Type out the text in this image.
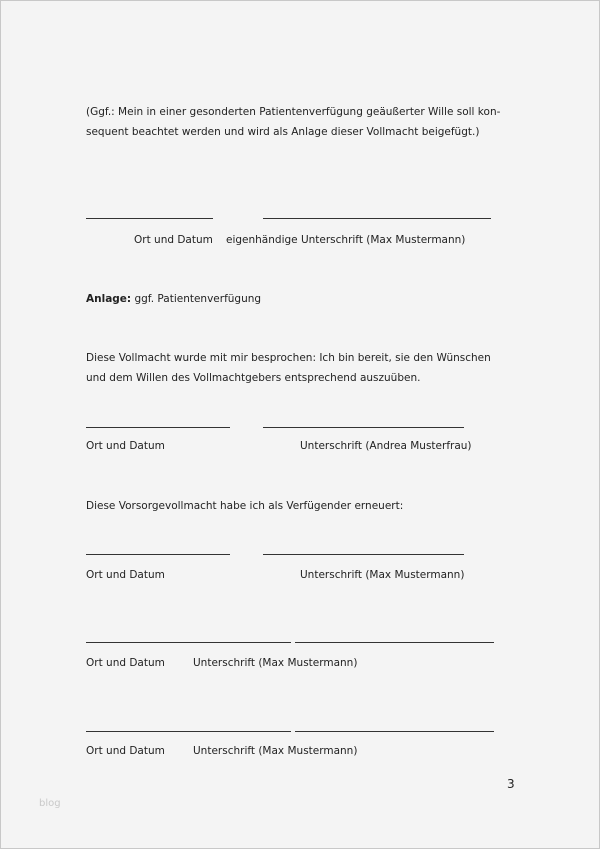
(Ggf.: Mein in einer gesonderten Patientenverfügung geäußerter Wille soll kon-
sequent beachtet werden und wird als Anlage dieser Vollmacht beigefügt.)
Ort und Datum eigenhändige Unterschrift (Max Mustermann)
Anlage: ggf. Patientenverfügung
Diese Vollmacht wurde mit mir besprochen: Ich bin bereit, sie den Wünschen
und dem Willen des Vollmachtgebers entsprechend auszuüben.
Ort und Datum	Unterschrift (Andrea Musterfrau)
Diese Vorsorgevollmacht habe ich als Verfügender erneuert:
Ort und Datum	Unterschrift (Max Mustermann)
Ort und Datum	Unterschrift (Max Mustermann)
Ort und Datum	Unterschrift (Max Mustermann)
3
blog
